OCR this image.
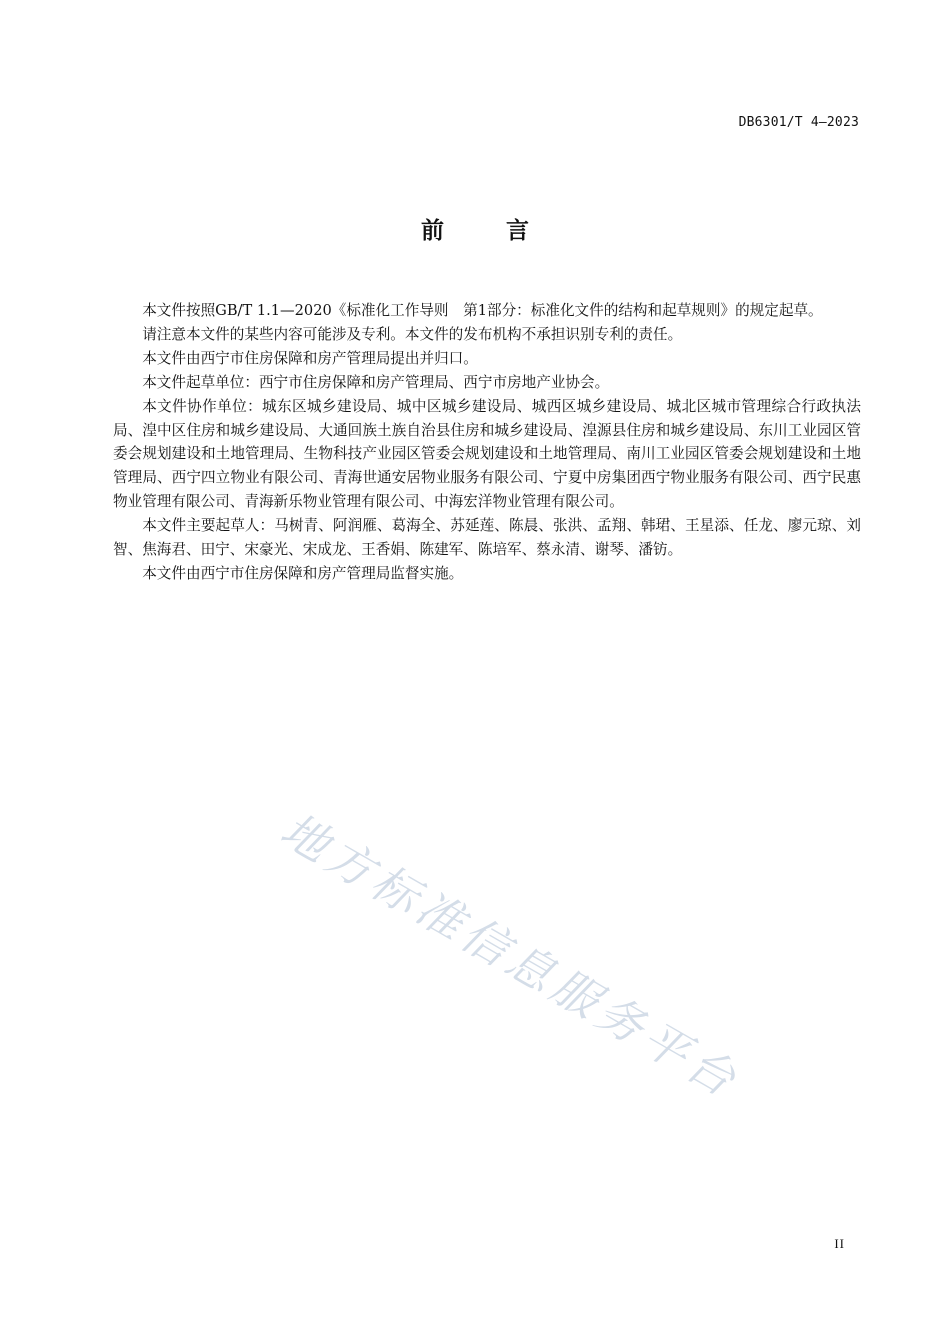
DB6301/T 4—2023
前言

本文件按照GB/T 1.1—2020《标准化工作导则　第1部分：标准化文件的结构和起草规则》的规定起草。

请注意本文件的某些内容可能涉及专利。本文件的发布机构不承担识别专利的责任。

本文件由西宁市住房保障和房产管理局提出并归口。

本文件起草单位：西宁市住房保障和房产管理局、西宁市房地产业协会。

本文件协作单位：城东区城乡建设局、城中区城乡建设局、城西区城乡建设局、城北区城市管理综合行政执法局、湟中区住房和城乡建设局、大通回族土族自治县住房和城乡建设局、湟源县住房和城乡建设局、东川工业园区管委会规划建设和土地管理局、生物科技产业园区管委会规划建设和土地管理局、南川工业园区管委会规划建设和土地管理局、西宁四立物业有限公司、青海世通安居物业服务有限公司、宁夏中房集团西宁物业服务有限公司、西宁民惠物业管理有限公司、青海新乐物业管理有限公司、中海宏洋物业管理有限公司。

本文件主要起草人：马树青、阿润雁、葛海全、苏延莲、陈晨、张洪、孟翔、韩珺、王星添、任龙、廖元琼、刘智、焦海君、田宁、宋豪光、宋成龙、王香娟、陈建军、陈培军、蔡永清、谢琴、潘钫。

本文件由西宁市住房保障和房产管理局监督实施。

地方标准信息服务平台
II
